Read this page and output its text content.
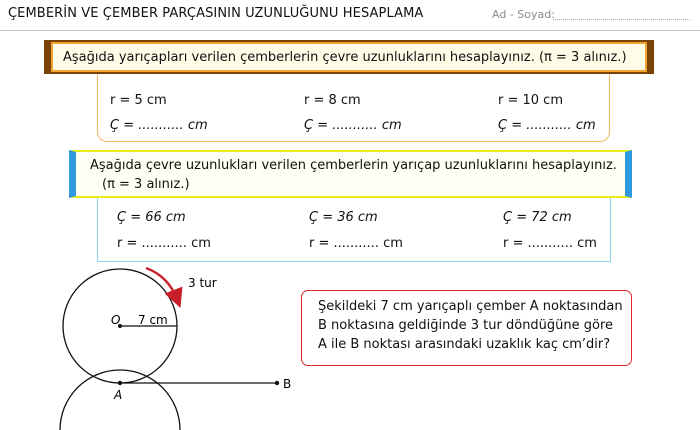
ÇEMBERİN VE ÇEMBER PARÇASININ UZUNLUĞUNU HESAPLAMA	Ad - Soyad:
Aşağıda yarıçapları verilen çemberlerin çevre uzunluklarını hesaplayınız. (π = 3 alınız.)
r = 5 cm	r = 8 cm	r = 10 cm
Ç = ........... cm	Ç = ........... cm	Ç = ........... cm
Aşağıda çevre uzunlukları verilen çemberlerin yarıçap uzunluklarını hesaplayınız.
(π = 3 alınız.)
Ç = 66 cm	Ç = 36 cm	Ç = 72 cm
r = ........... cm	r = ........... cm	r = ........... cm
3 tur
O 7 cm
A
B
Şekildeki 7 cm yarıçaplı çember A noktasından
B noktasına geldiğinde 3 tur döndüğüne göre
A ile B noktası arasındaki uzaklık kaç cm’dir?
